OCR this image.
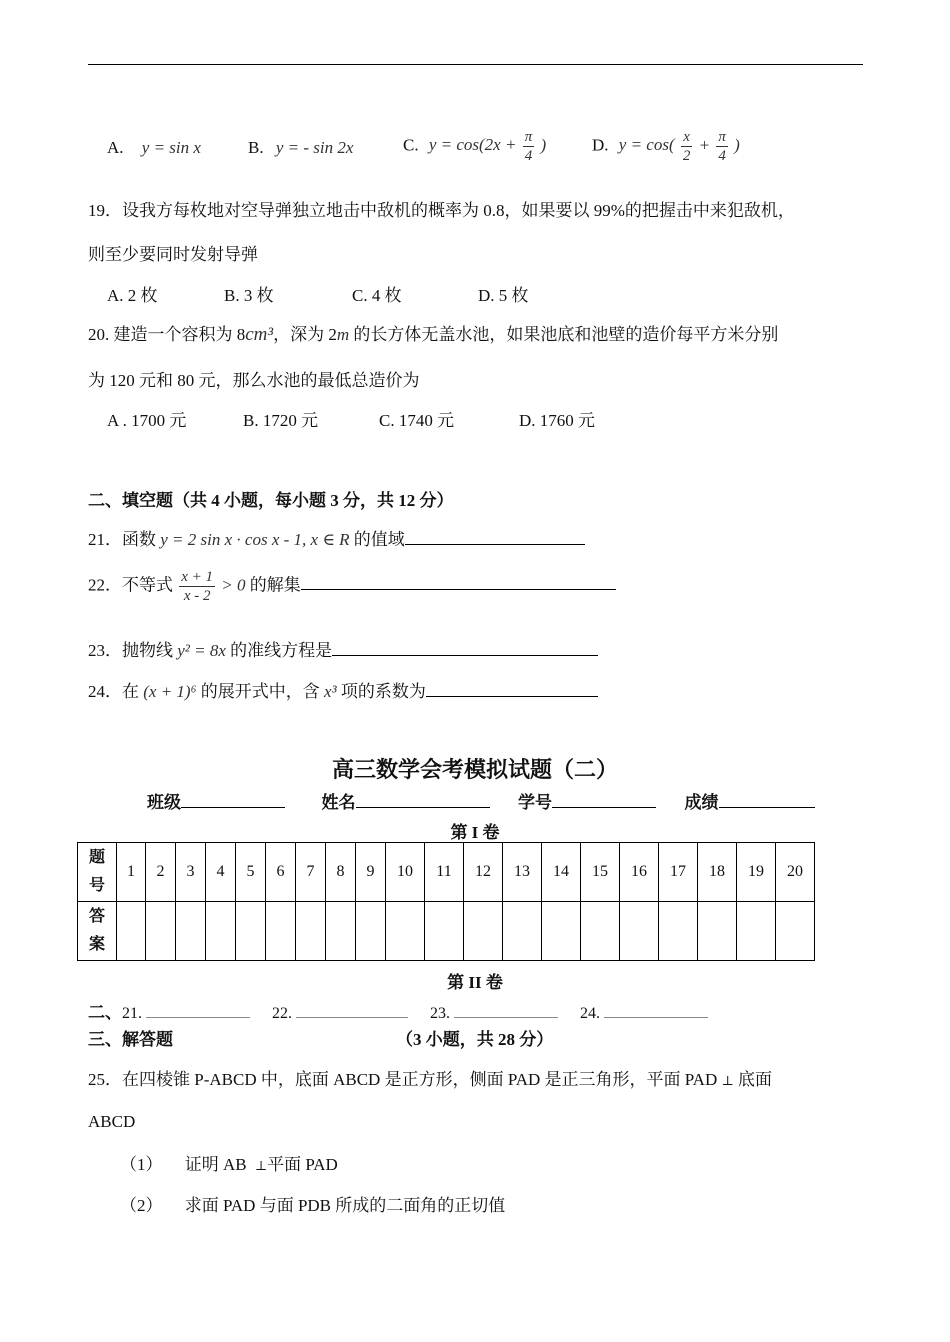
A. y = sin x	B. y = - sin 2x	C. $y = \cos(2x + \frac{\pi}{4}$ )	D. $y = \cos( \frac{x}{2} + \frac{\pi}{4}$ )
19．设我方每枚地对空导弹独立地击中敌机的概率为 0.8，如果要以 99%的把握击中来犯敌机，
则至少要同时发射导弹
A. 2 枚	B. 3 枚	C. 4 枚	D. 5 枚
20. 建造一个容积为 8cm³，深为 2m 的长方体无盖水池，如果池底和池壁的造价每平方米分别
为 120 元和 80 元，那么水池的最低总造价为
A . 1700 元	B. 1720 元	C. 1740 元	D. 1760 元
二、填空题（共 4 小题，每小题 3 分，共 12 分）
21．函数 y = 2 sin x · cos x - 1, x ∈ R 的值域
22．不等式 $\frac{x + 1}{x - 2} > 0$ 的解集
23．抛物线 y² = 8x 的准线方程是
24．在 (x + 1)⁶ 的展开式中，含 x³ 项的系数为
高三数学会考模拟试题（二）
班级	姓名	学号	成绩
第 I 卷
题号	1	2	3	4	5	6	7	8	9	10	11	12	13	14	15	16	17	18	19	20
答案																				
第 II 卷
二、21.	22.	23.	24.
三、解答题	（3 小题，共 28 分）
25．在四棱锥 P-ABCD 中，底面 ABCD 是正方形，侧面 PAD 是正三角形，平面 PAD ⊥ 底面
ABCD
（1） 证明 AB ⊥平面 PAD
（2） 求面 PAD 与面 PDB 所成的二面角的正切值
